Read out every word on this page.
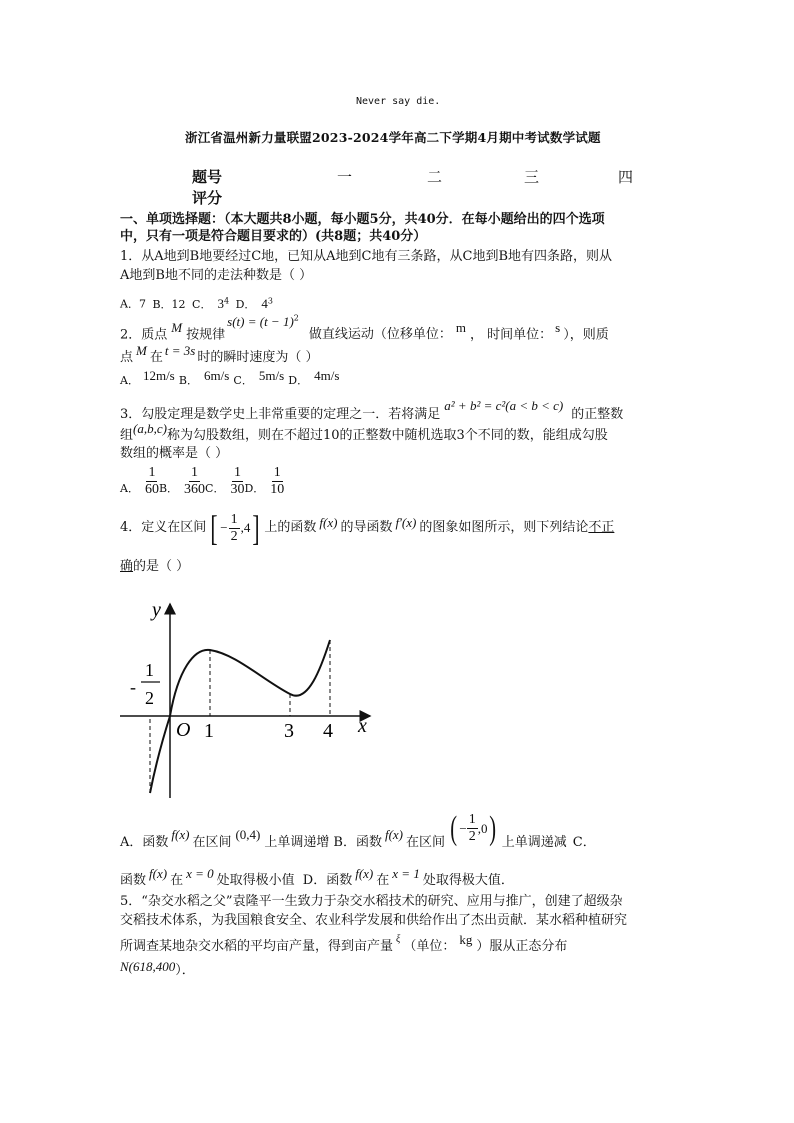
Never say die.
浙江省温州新力量联盟2023-2024学年高二下学期4月期中考试数学试题
题号	一	二	三	四
评分
一、单项选择题：（本大题共8小题，每小题5分，共40分．在每小题给出的四个选项
中，只有一项是符合题目要求的）(共8题；共40分）
1．从A地到B地要经过C地，已知从A地到C地有三条路，从C地到B地有四条路，则从
A地到B地不同的走法种数是（ ）
A．7 B．12 C． $3^4$ D． $4^3$
2．质点 M 按规律$s(t) = (t - 1)^2$做直线运动（位移单位： m ， 时间单位： s ），则质
点 M 在 t = 3s 时的瞬时速度为（ ）
A． 12m/s B． 6m/s C． 5m/s D． 4m/s
3．勾股定理是数学史上非常重要的定理之一．若将满足a² + b² = c²(a < b < c)的正整数
组(a,b,c)称为勾股数组，则在不超过10的正整数中随机选取3个不同的数，能组成勾股
数组的概率是（ ）
A． $\frac{1}{60}$ B． $\frac{1}{360}$ C． $\frac{1}{30}$ D． $\frac{1}{10}$
4．定义在区间 [ − $\frac{1}{2} ,4$ ] 上的函数 f(x) 的导函数 f′(x) 的图象如图所示，则下列结论 不正
确的是（ ）
y
x
O 1	3 4
-
1
2
A．函数
f(x)
在区间
(0,4)
上单调递增 B．函数
f(x)
在区间 ( − $\frac{1}{2} ,0$ ) 上单调递减 C．
函数 f(x) 在 x = 0 处取得极小值 D．函数 f(x) 在 x = 1 处取得极大值．
5．“杂交水稻之父”袁隆平一生致力于杂交水稻技术的研究、应用与推广，创建了超级杂
交稻技术体系，为我国粮食安全、农业科学发展和供给作出了杰出贡献．某水稻种植研究
所调查某地杂交水稻的平均亩产量，得到亩产量 $^\xi$ （单位： kg ）服从正态分布
N(618,400）．
